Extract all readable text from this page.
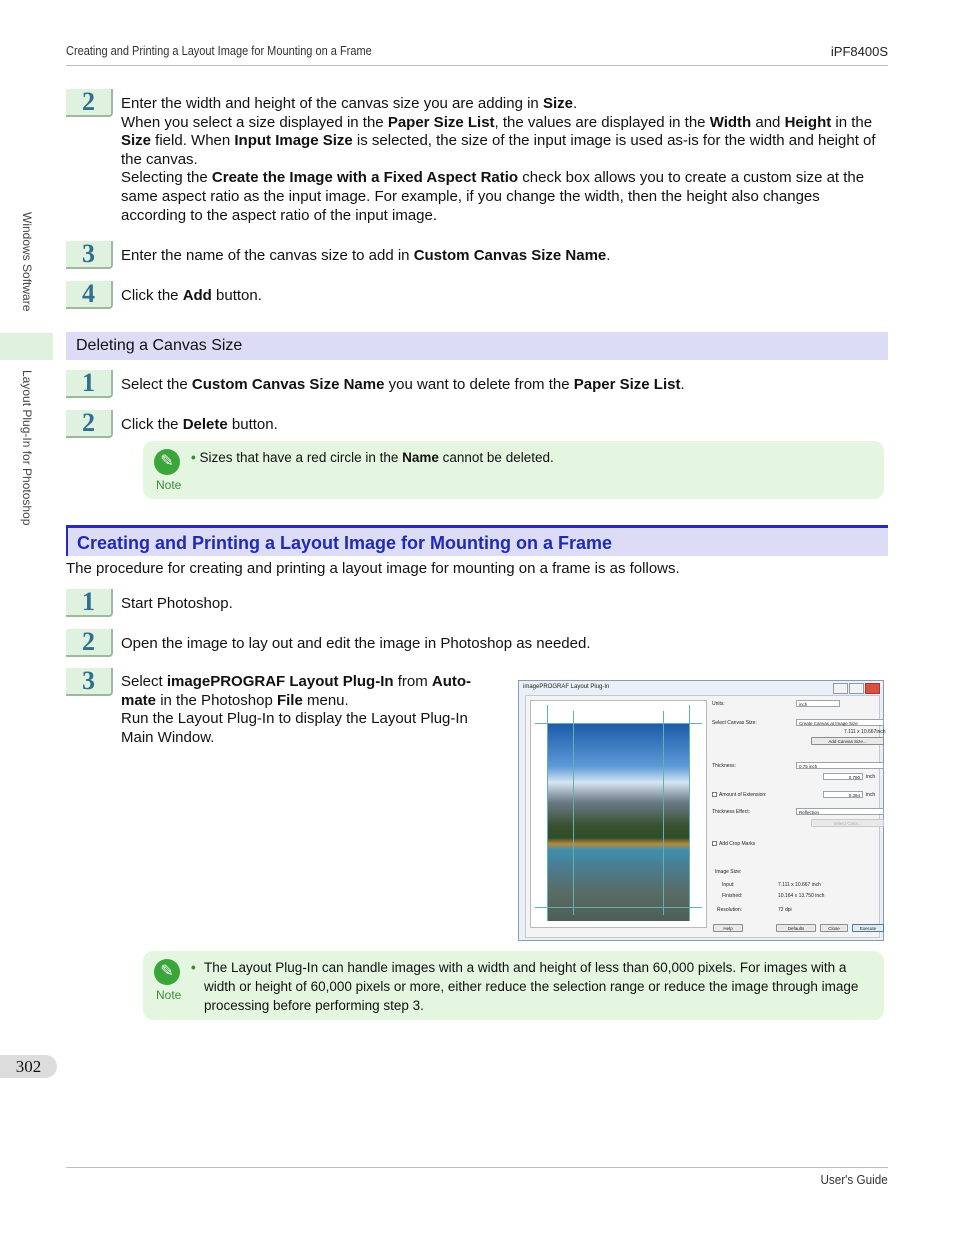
Creating and Printing a Layout Image for Mounting on a Frame	iPF8400S
Windows Software
Layout Plug-In for Photoshop
2	Enter the width and height of the canvas size you are adding in Size.
When you select a size displayed in the Paper Size List, the values are displayed in the Width and Height in the Size field. When Input Image Size is selected, the size of the input image is used as-is for the width and height of the canvas.
Selecting the Create the Image with a Fixed Aspect Ratio check box allows you to create a custom size at the same aspect ratio as the input image. For example, if you change the width, then the height also changes according to the aspect ratio of the input image.
3	Enter the name of the canvas size to add in Custom Canvas Size Name.
4	Click the Add button.
Deleting a Canvas Size
1	Select the Custom Canvas Size Name you want to delete from the Paper Size List.
2	Click the Delete button.
✎
Note
• Sizes that have a red circle in the Name cannot be deleted.
Creating and Printing a Layout Image for Mounting on a Frame
The procedure for creating and printing a layout image for mounting on a frame is as follows.
1	Start Photoshop.
2	Open the image to lay out and edit the image in Photoshop as needed.
3	Select imagePROGRAF Layout Plug-In from Auto-
mate in the Photoshop File menu.
Run the Layout Plug-In to display the Layout Plug-In
Main Window.
imagePROGRAF Layout Plug-In
Units:	inch
Select Canvas Size:	Create Canvas at Image Size
7.111 x 10.667inch
Add Canvas Size...
Thickness:	0.75 inch
0.750	inch
Amount of Extension:	0.394	inch
Thickness Effect:	Reflection
Select Color...
Add Crop Marks
Image Size:
Input:	7.111 x 10.667 inch
Finished:	10.164 x 13.750 inch
Resolution:	72 dpi
Help	Defaults	Close	Execute
✎
Note
• The Layout Plug-In can handle images with a width and height of less than 60,000 pixels. For images with a width or height of 60,000 pixels or more, either reduce the selection range or reduce the image through image processing before performing step 3.
302
User's Guide
